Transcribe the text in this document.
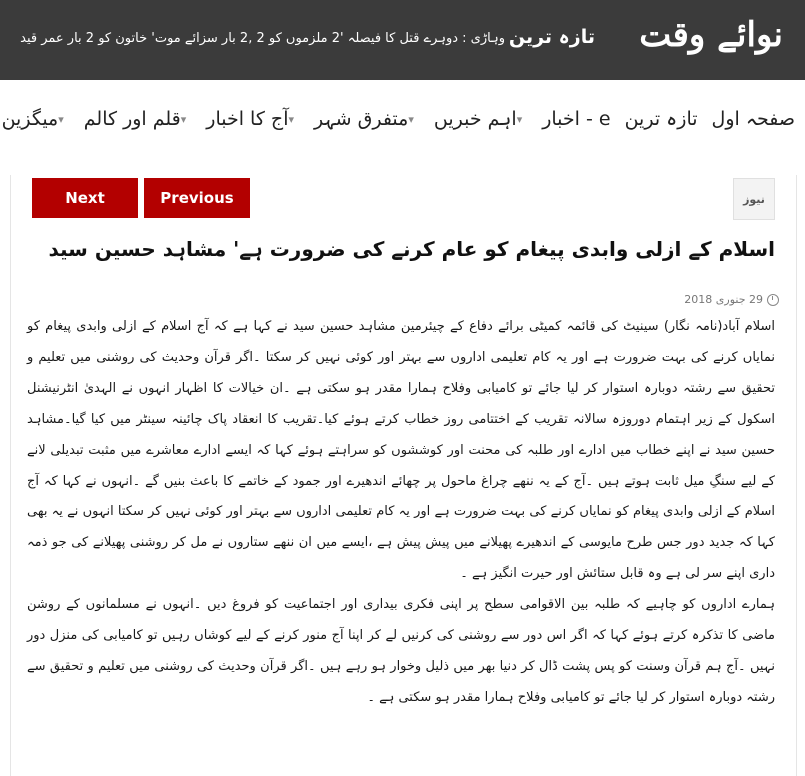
نوائے وقت
تازہ ترین
وہاڑی : دوہرے قتل کا فیصلہ '2 ملزموں کو 2 ,2 بار سزائے موت' خاتون کو 2 بار عمر قید
صفحہ اول
تازہ ترین
e - اخبار
اہم خبریں ▾
متفرق شہر ▾
آج کا اخبار ▾
قلم اور کالم ▾
میگزین ▾
Next	Previous	نیوز
اسلام کے ازلی وابدی پیغام کو عام کرنے کی ضرورت ہے' مشاہد حسین سید
29 جنوری 2018

اسلام آباد(نامہ نگار) سینیٹ کی قائمہ کمیٹی برائے دفاع کے چیئرمین مشاہد حسین سید نے کہا ہے کہ آج اسلام کے ازلی وابدی پیغام کو نمایاں کرنے کی بہت ضرورت ہے اور یہ کام تعلیمی اداروں سے بہتر اور کوئی نہیں کر سکتا ۔اگر قرآن وحدیث کی روشنی میں تعلیم و تحقیق سے رشتہ دوبارہ استوار کر لیا جائے تو کامیابی وفلاح ہمارا مقدر ہو سکتی ہے ۔ان خیالات کا اظہار انہوں نے الہدیٰ انٹرنیشنل اسکول کے زیر اہتمام دوروزہ سالانہ تقریب کے اختتامی روز خطاب کرتے ہوئے کیا۔تقریب کا انعقاد پاک چائینہ سینٹر میں کیا گیا۔مشاہد حسین سید نے اپنے خطاب میں ادارے اور طلبہ کی محنت اور کوششوں کو سراہتے ہوئے کہا کہ ایسے ادارے معاشرے میں مثبت تبدیلی لانے کے لیے سنگِ میل ثابت ہوتے ہیں ۔آج کے یہ ننھے چراغ ماحول پر چھائے اندھیرے اور جمود کے خاتمے کا باعث بنیں گے ۔انہوں نے کہا کہ آج اسلام کے ازلی وابدی پیغام کو نمایاں کرنے کی بہت ضرورت ہے اور یہ کام تعلیمی اداروں سے بہتر اور کوئی نہیں کر سکتا انہوں نے یہ بھی کہا کہ جدید دور جس طرح مایوسی کے اندھیرے پھیلانے میں پیش پیش ہے ،ایسے میں ان ننھے ستاروں نے مل کر روشنی پھیلانے کی جو ذمہ داری اپنے سر لی ہے وہ قابل ستائش اور حیرت انگیز ہے ۔

ہمارے اداروں کو چاہیے کہ طلبہ بین الاقوامی سطح پر اپنی فکری بیداری اور اجتماعیت کو فروغ دیں ۔انہوں نے مسلمانوں کے روشن ماضی کا تذکرہ کرتے ہوئے کہا کہ اگر اس دور سے روشنی کی کرنیں لے کر اپنا آج منور کرنے کے لیے کوشاں رہیں تو کامیابی کی منزل دور نہیں ۔آج ہم قرآن وسنت کو پس پشت ڈال کر دنیا بھر میں ذلیل وخوار ہو رہے ہیں ۔اگر قرآن وحدیث کی روشنی میں تعلیم و تحقیق سے رشتہ دوبارہ استوار کر لیا جائے تو کامیابی وفلاح ہمارا مقدر ہو سکتی ہے ۔
